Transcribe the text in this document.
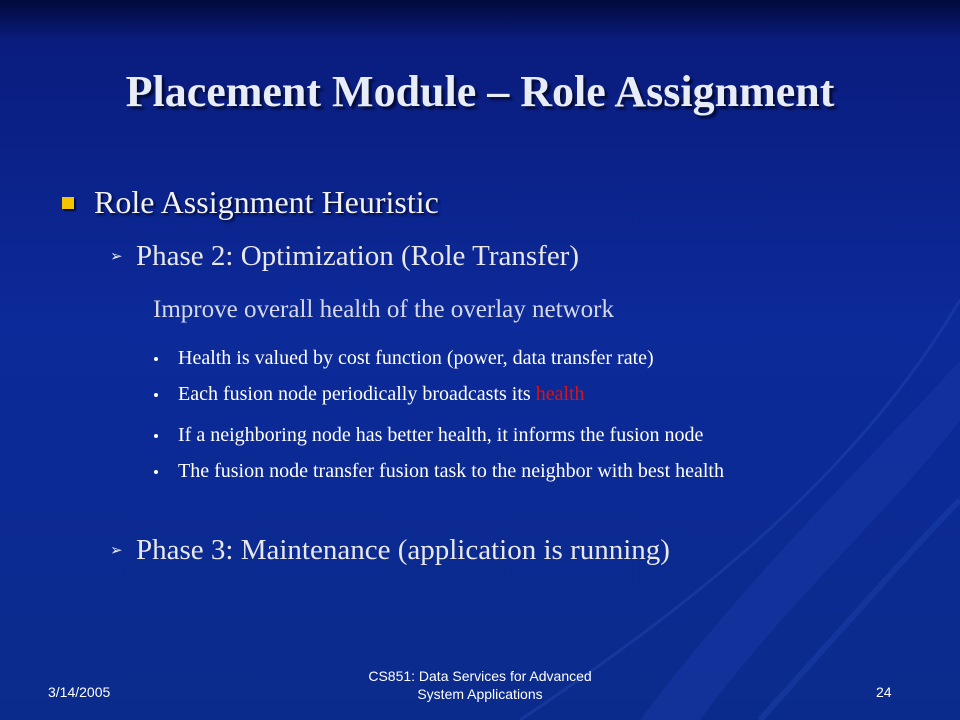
Placement Module – Role Assignment
Role Assignment Heuristic
➢ Phase 2: Optimization (Role Transfer)
Improve overall health of the overlay network
Health is valued by cost function (power, data transfer rate)
Each fusion node periodically broadcasts its health
If a neighboring node has better health, it informs the fusion node
The fusion node transfer fusion task to the neighbor with best health
➢ Phase 3: Maintenance (application is running)
3/14/2005
CS851: Data Services for Advanced
System Applications	24
